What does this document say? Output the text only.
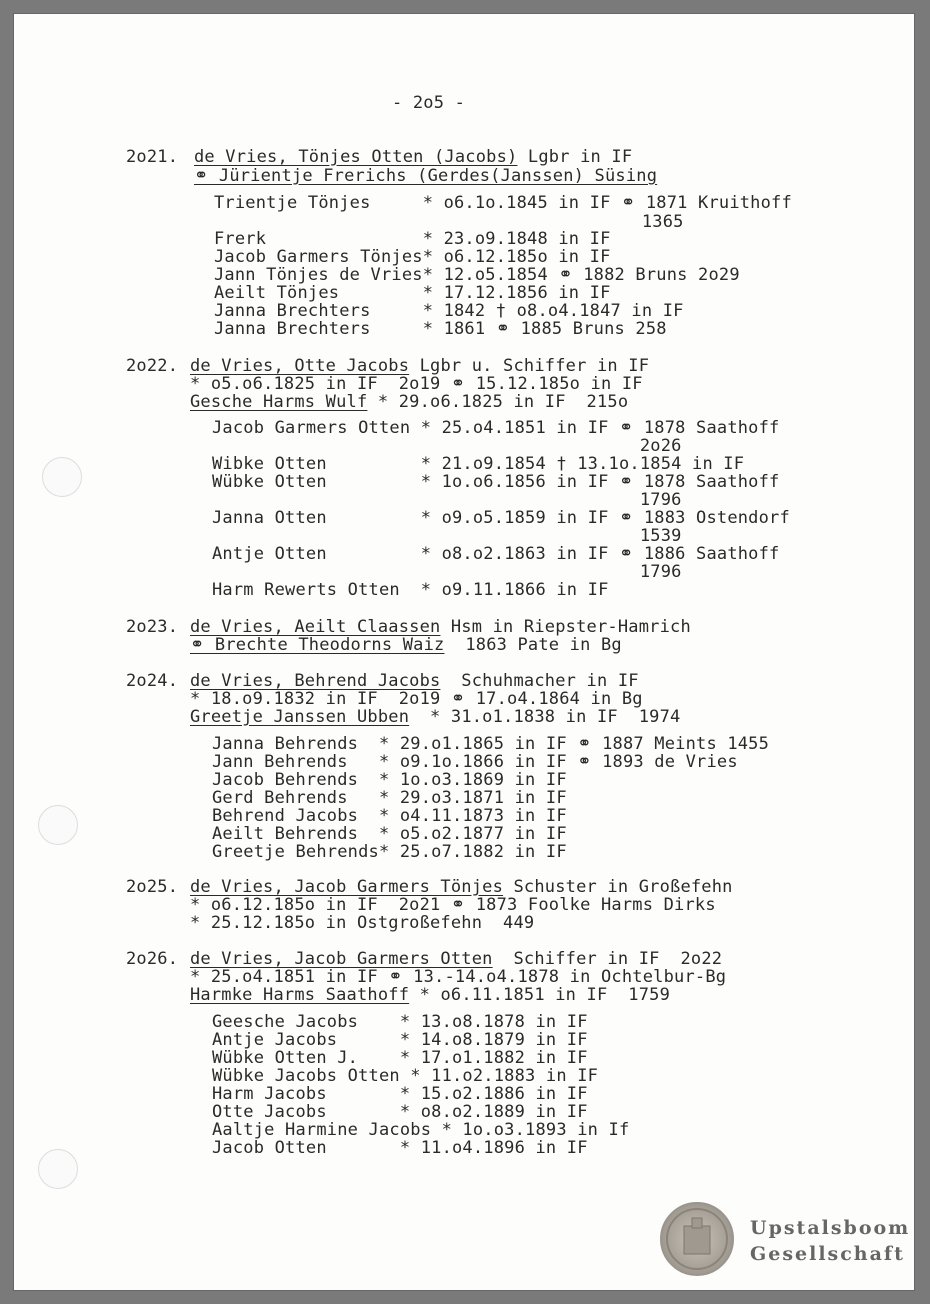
- 2o5 -
2o21. de Vries, Tönjes Otten (Jacobs) Lgbr in IF
⚭ Jürientje Frerichs (Gerdes(Janssen) Süsing
Trientje Tönjes     * o6.1o.1845 in IF ⚭ 1871 Kruithoff
1365
Frerk               * 23.o9.1848 in IF
Jacob Garmers Tönjes* o6.12.185o in IF
Jann Tönjes de Vries* 12.o5.1854 ⚭ 1882 Bruns 2o29
Aeilt Tönjes        * 17.12.1856 in IF
Janna Brechters     * 1842 † o8.o4.1847 in IF
Janna Brechters     * 1861 ⚭ 1885 Bruns 258
2o22. de Vries, Otte Jacobs Lgbr u. Schiffer in IF
* o5.o6.1825 in IF  2o19 ⚭ 15.12.185o in IF
Gesche Harms Wulf * 29.o6.1825 in IF  215o
Jacob Garmers Otten * 25.o4.1851 in IF ⚭ 1878 Saathoff
2o26
Wibke Otten         * 21.o9.1854 † 13.1o.1854 in IF
Wübke Otten         * 1o.o6.1856 in IF ⚭ 1878 Saathoff
1796
Janna Otten         * o9.o5.1859 in IF ⚭ 1883 Ostendorf
1539
Antje Otten         * o8.o2.1863 in IF ⚭ 1886 Saathoff
1796
Harm Rewerts Otten  * o9.11.1866 in IF
2o23. de Vries, Aeilt Claassen Hsm in Riepster-Hamrich
⚭ Brechte Theodorns Waiz  1863 Pate in Bg
2o24. de Vries, Behrend Jacobs  Schuhmacher in IF
* 18.o9.1832 in IF  2o19 ⚭ 17.o4.1864 in Bg
Greetje Janssen Ubben  * 31.o1.1838 in IF  1974
Janna Behrends  * 29.o1.1865 in IF ⚭ 1887 Meints 1455
Jann Behrends   * o9.1o.1866 in IF ⚭ 1893 de Vries
Jacob Behrends  * 1o.o3.1869 in IF
Gerd Behrends   * 29.o3.1871 in IF
Behrend Jacobs  * o4.11.1873 in IF
Aeilt Behrends  * o5.o2.1877 in IF
Greetje Behrends* 25.o7.1882 in IF
2o25. de Vries, Jacob Garmers Tönjes Schuster in Großefehn
* o6.12.185o in IF  2o21 ⚭ 1873 Foolke Harms Dirks
* 25.12.185o in Ostgroßefehn  449
2o26. de Vries, Jacob Garmers Otten  Schiffer in IF  2o22
* 25.o4.1851 in IF ⚭ 13.-14.o4.1878 in Ochtelbur-Bg
Harmke Harms Saathoff * o6.11.1851 in IF  1759
Geesche Jacobs    * 13.o8.1878 in IF
Antje Jacobs      * 14.o8.1879 in IF
Wübke Otten J.    * 17.o1.1882 in IF
Wübke Jacobs Otten * 11.o2.1883 in IF
Harm Jacobs       * 15.o2.1886 in IF
Otte Jacobs       * o8.o2.1889 in IF
Aaltje Harmine Jacobs * 1o.o3.1893 in If
Jacob Otten       * 11.o4.1896 in IF
Upstalsboom
Gesellschaft
